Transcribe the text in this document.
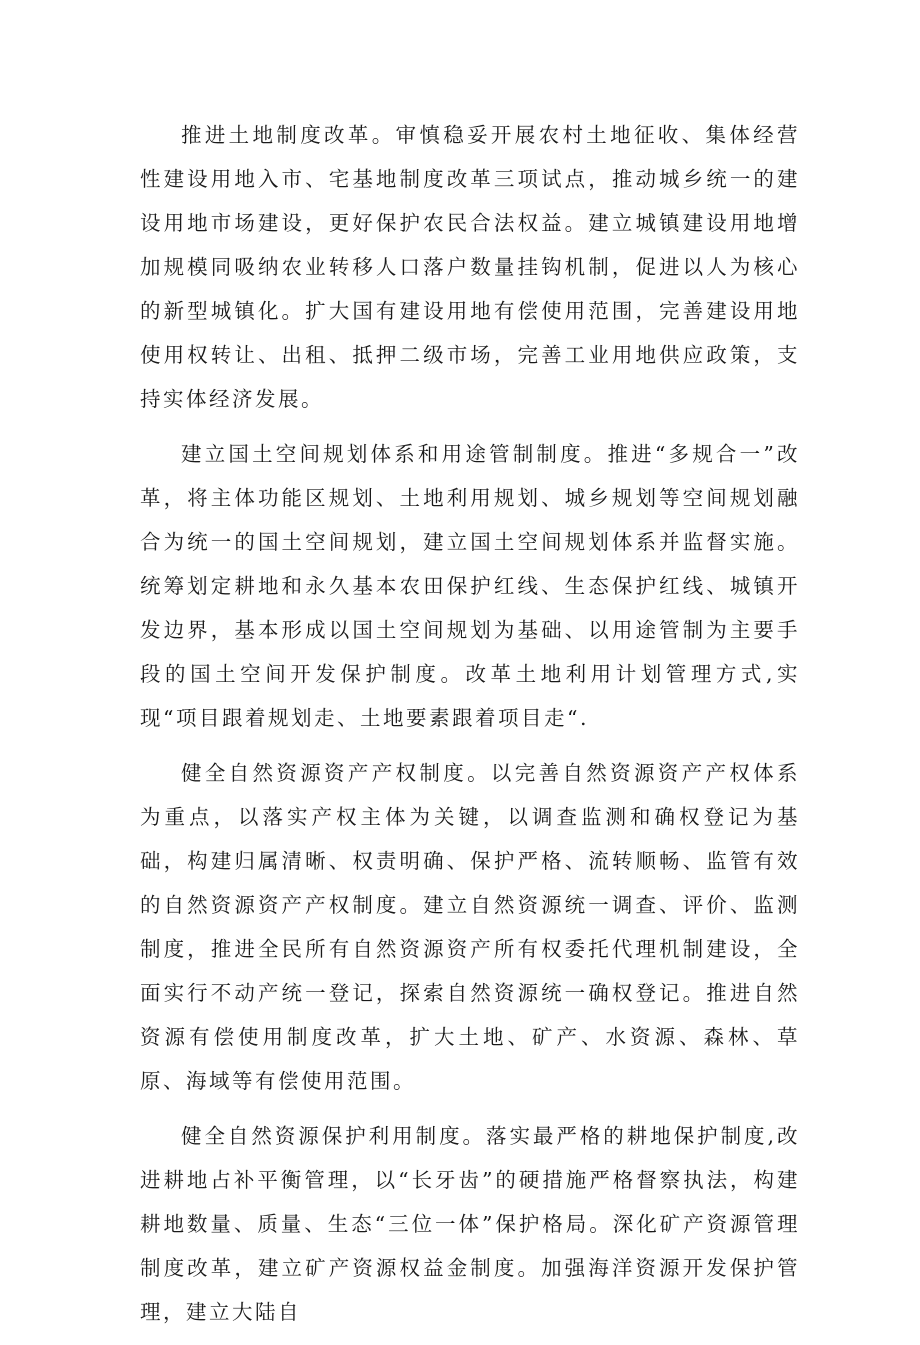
推进土地制度改革。审慎稳妥开展农村土地征收、集体经营性建设用地入市、宅基地制度改革三项试点，推动城乡统一的建设用地市场建设，更好保护农民合法权益。建立城镇建设用地增加规模同吸纳农业转移人口落户数量挂钩机制，促进以人为核心的新型城镇化。扩大国有建设用地有偿使用范围，完善建设用地使用权转让、出租、抵押二级市场，完善工业用地供应政策，支持实体经济发展。

建立国土空间规划体系和用途管制制度。推进“多规合一”改革，将主体功能区规划、土地利用规划、城乡规划等空间规划融合为统一的国土空间规划，建立国土空间规划体系并监督实施。统筹划定耕地和永久基本农田保护红线、生态保护红线、城镇开发边界，基本形成以国土空间规划为基础、以用途管制为主要手段的国土空间开发保护制度。改革土地利用计划管理方式,实现“项目跟着规划走、土地要素跟着项目走“.

健全自然资源资产产权制度。以完善自然资源资产产权体系为重点，以落实产权主体为关键，以调查监测和确权登记为基础，构建归属清晰、权责明确、保护严格、流转顺畅、监管有效的自然资源资产产权制度。建立自然资源统一调查、评价、监测制度，推进全民所有自然资源资产所有权委托代理机制建设，全面实行不动产统一登记，探索自然资源统一确权登记。推进自然资源有偿使用制度改革，扩大土地、矿产、水资源、森林、草原、海域等有偿使用范围。

健全自然资源保护利用制度。落实最严格的耕地保护制度,改进耕地占补平衡管理，以“长牙齿”的硬措施严格督察执法，构建耕地数量、质量、生态“三位一体”保护格局。深化矿产资源管理制度改革，建立矿产资源权益金制度。加强海洋资源开发保护管理，建立大陆自
